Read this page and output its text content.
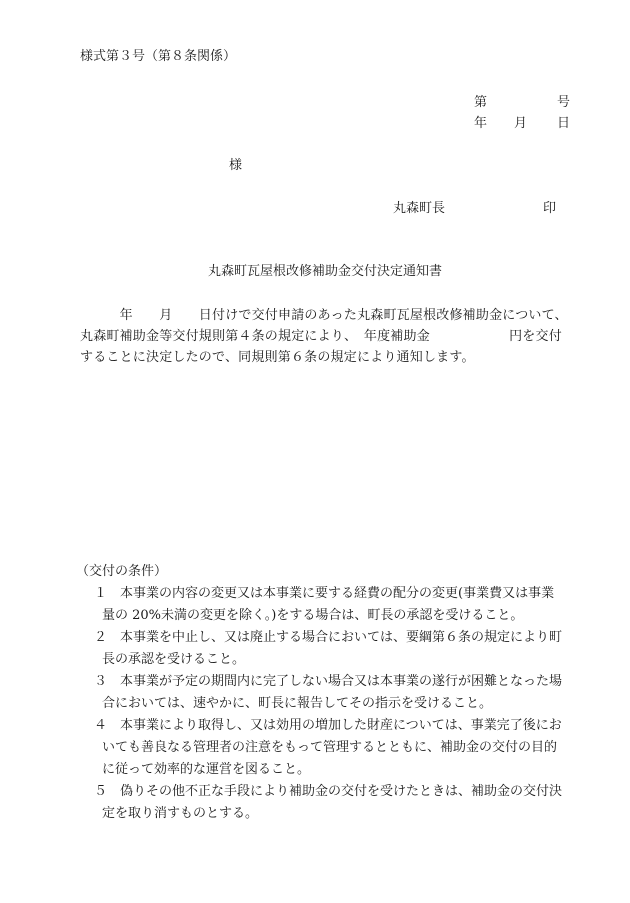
様式第３号（第８条関係）
第	号
年 月 日
様
丸森町長	印
丸森町瓦屋根改修補助金交付決定通知書
　　　年　　月　　日付けで交付申請のあった丸森町瓦屋根改修補助金について、
丸森町補助金等交付規則第４条の規定により、　年度補助金　　　　　　円を交付
することに決定したので、同規則第６条の規定により通知します。
（交付の条件）
１　本事業の内容の変更又は本事業に要する経費の配分の変更(事業費又は事業
量の 20%未満の変更を除く。)をする場合は、町長の承認を受けること。
２　本事業を中止し、又は廃止する場合においては、要綱第６条の規定により町
長の承認を受けること。
３　本事業が予定の期間内に完了しない場合又は本事業の遂行が困難となった場
合においては、速やかに、町長に報告してその指示を受けること。
４　本事業により取得し、又は効用の増加した財産については、事業完了後にお
いても善良なる管理者の注意をもって管理するとともに、補助金の交付の目的
に従って効率的な運営を図ること。
５　偽りその他不正な手段により補助金の交付を受けたときは、補助金の交付決
定を取り消すものとする。
